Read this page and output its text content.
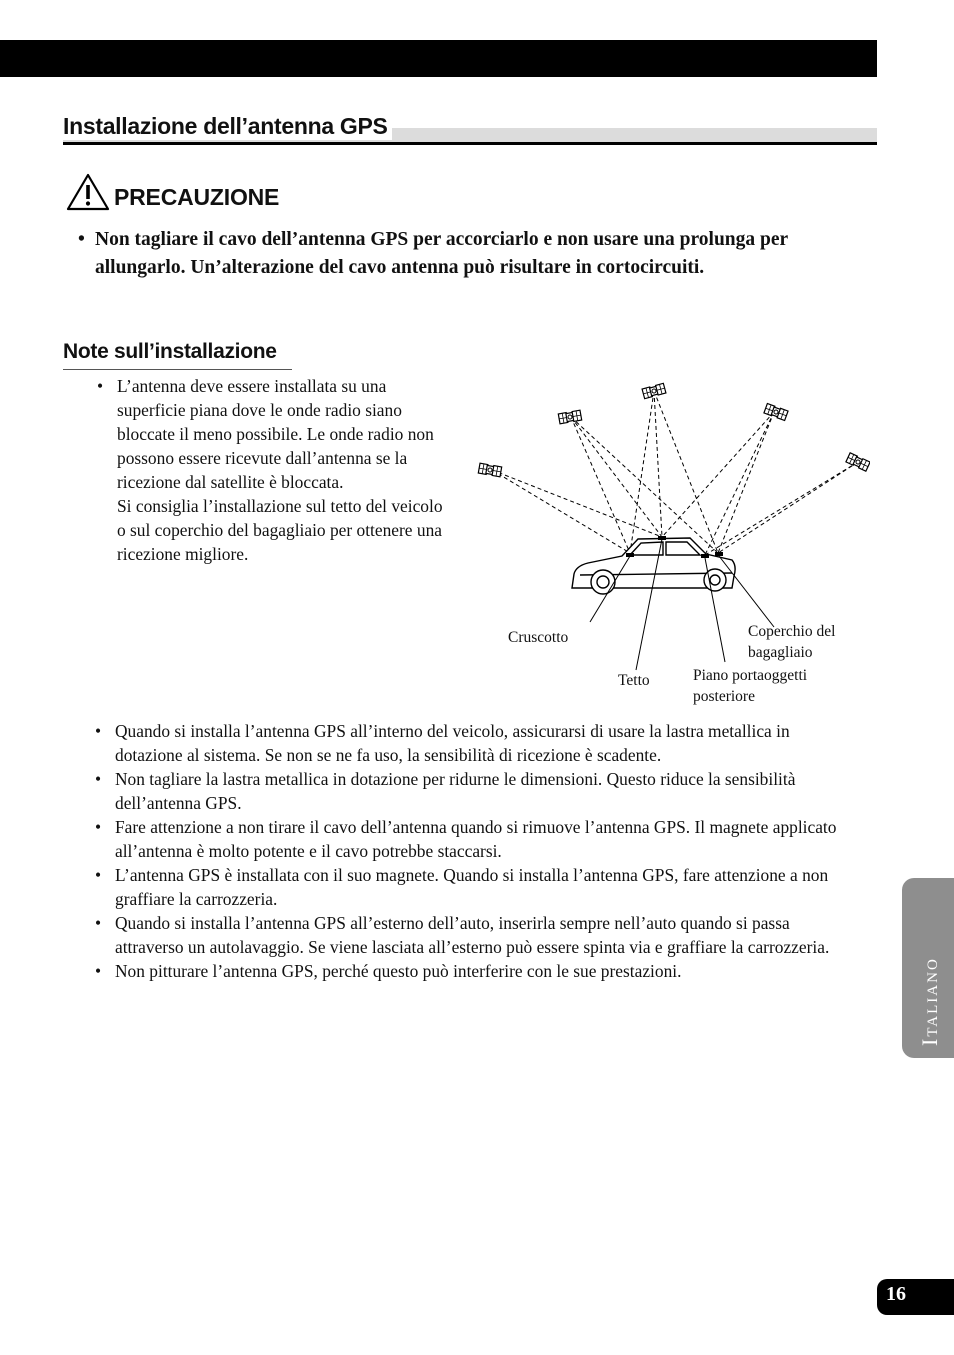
Installazione dell’antenna GPS
PRECAUZIONE
• Non tagliare il cavo dell’antenna GPS per accorciarlo e non usare una prolunga per allungarlo. Un’alterazione del cavo antenna può risultare in cortocircuiti.
Note sull’installazione
• L’antenna deve essere installata su una superficie piana dove le onde radio siano bloccate il meno possibile. Le onde radio non possono essere ricevute dall’antenna se la ricezione dal satellite è bloccata.
Si consiglia l’installazione sul tetto del veicolo o sul coperchio del bagagliaio per ottenere una ricezione migliore.
Cruscotto
Tetto
Coperchio del
bagagliaio
Piano portaoggetti
posteriore
• Quando si installa l’antenna GPS all’interno del veicolo, assicurarsi di usare la lastra metallica in dotazione al sistema. Se non se ne fa uso, la sensibilità di ricezione è scadente.
• Non tagliare la lastra metallica in dotazione per ridurne le dimensioni. Questo riduce la sensibilità dell’antenna GPS.
• Fare attenzione a non tirare il cavo dell’antenna quando si rimuove l’antenna GPS. Il magnete applicato all’antenna è molto potente e il cavo potrebbe staccarsi.
• L’antenna GPS è installata con il suo magnete. Quando si installa l’antenna GPS, fare attenzione a non graffiare la carrozzeria.
• Quando si installa l’antenna GPS all’esterno dell’auto, inserirla sempre nell’auto quando si passa attraverso un autolavaggio. Se viene lasciata all’esterno può essere spinta via e graffiare la carrozzeria.
• Non pitturare l’antenna GPS, perché questo può interferire con le sue prestazioni.	Italiano
16
